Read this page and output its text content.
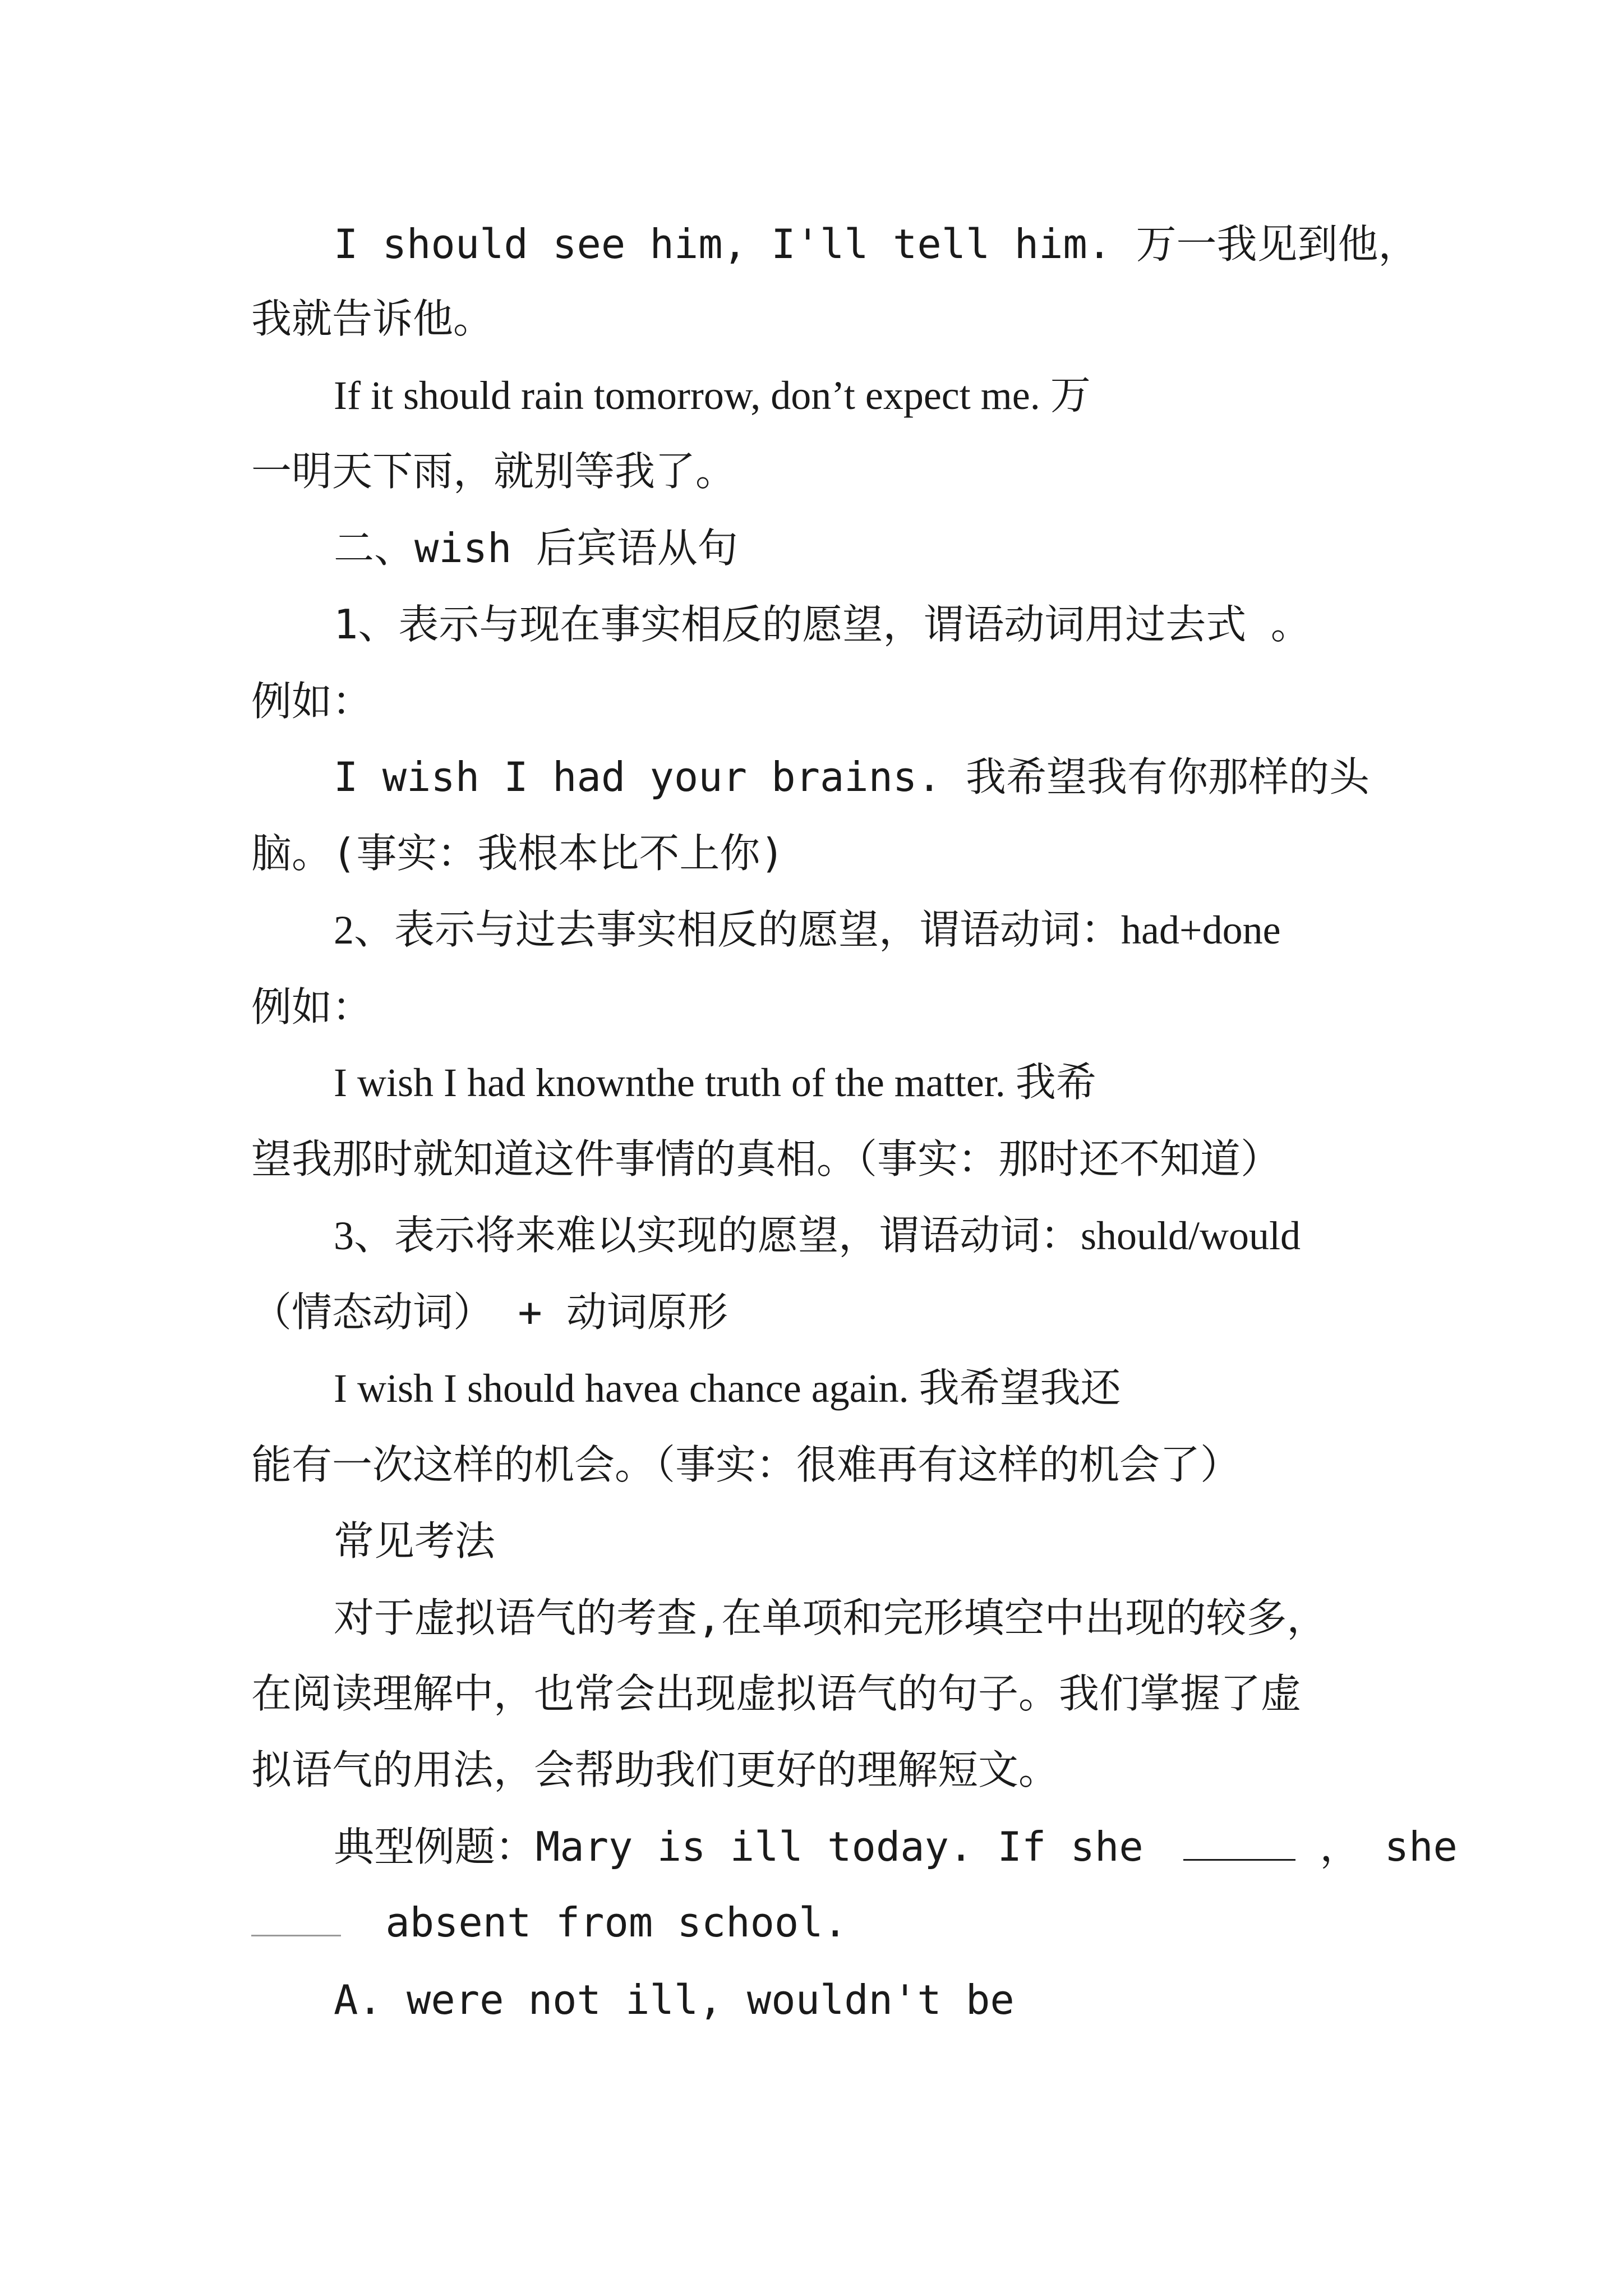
I should see him, I'll tell him. 万一我见到他，
我就告诉他。
If it should rain tomorrow, don’t expect me. 万
一明天下雨，就别等我了。
二、wish 后宾语从句
1、表示与现在事实相反的愿望，谓语动词用过去式 。
例如：
I wish I had your brains. 我希望我有你那样的头
脑。(事实：我根本比不上你)
2、表示与过去事实相反的愿望，谓语动词：had+done
例如：
I wish I had knownthe truth of the matter. 我希
望我那时就知道这件事情的真相。（事实：那时还不知道）
3、表示将来难以实现的愿望，谓语动词：should/would
（情态动词） + 动词原形
I wish I should havea chance again. 我希望我还
能有一次这样的机会。（事实：很难再有这样的机会了）
常见考法
对于虚拟语气的考查,在单项和完形填空中出现的较多，
在阅读理解中，也常会出现虚拟语气的句子。我们掌握了虚
拟语气的用法，会帮助我们更好的理解短文。
典型例题：Mary is ill today. If she	， she
absent from school.
A. were not ill, wouldn't be
